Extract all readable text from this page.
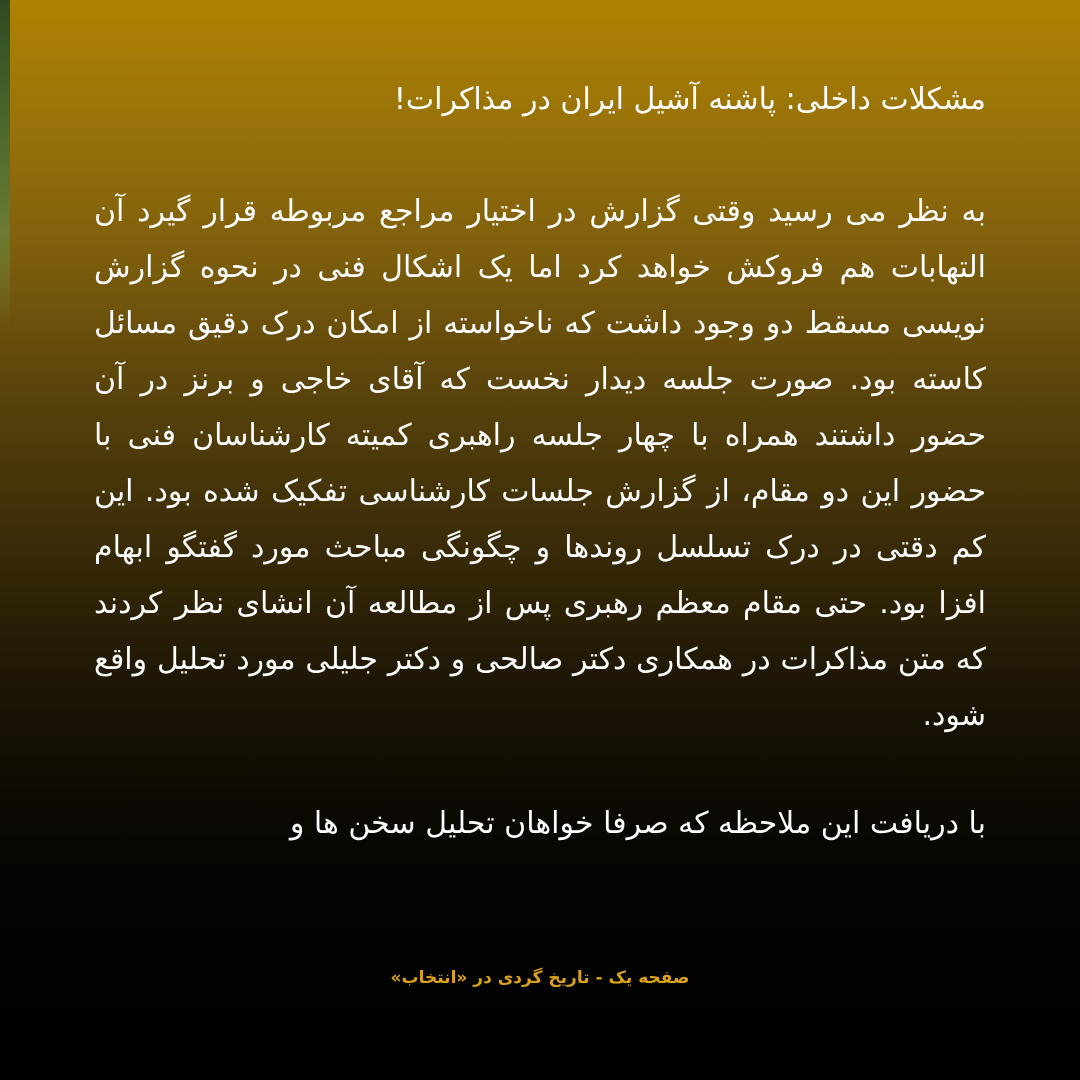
مشکلات داخلی: پاشنه آشیل ایران در مذاکرات!

به نظر می رسید وقتی گزارش در اختیار مراجع مربوطه قرار گیرد آن التهابات هم فروکش خواهد کرد اما یک اشکال فنی در نحوه گزارش نویسی مسقط دو وجود داشت که ناخواسته از امکان درک دقیق مسائل کاسته بود. صورت جلسه دیدار نخست که آقای خاجی و برنز در آن حضور داشتند همراه با چهار جلسه راهبری کمیته کارشناسان فنی با حضور این دو مقام، از گزارش جلسات کارشناسی تفکیک شده بود. این کم دقتی در درک تسلسل روندها و چگونگی مباحث مورد گفتگو ابهام افزا بود. حتی مقام معظم رهبری پس از مطالعه آن انشای نظر کردند که متن مذاکرات در همکاری دکتر صالحی و دکتر جلیلی مورد تحلیل واقع شود.

با دریافت این ملاحظه که صرفا خواهان تحلیل سخن ها و

صفحه یک - تاریخ گردی در «انتخاب»
